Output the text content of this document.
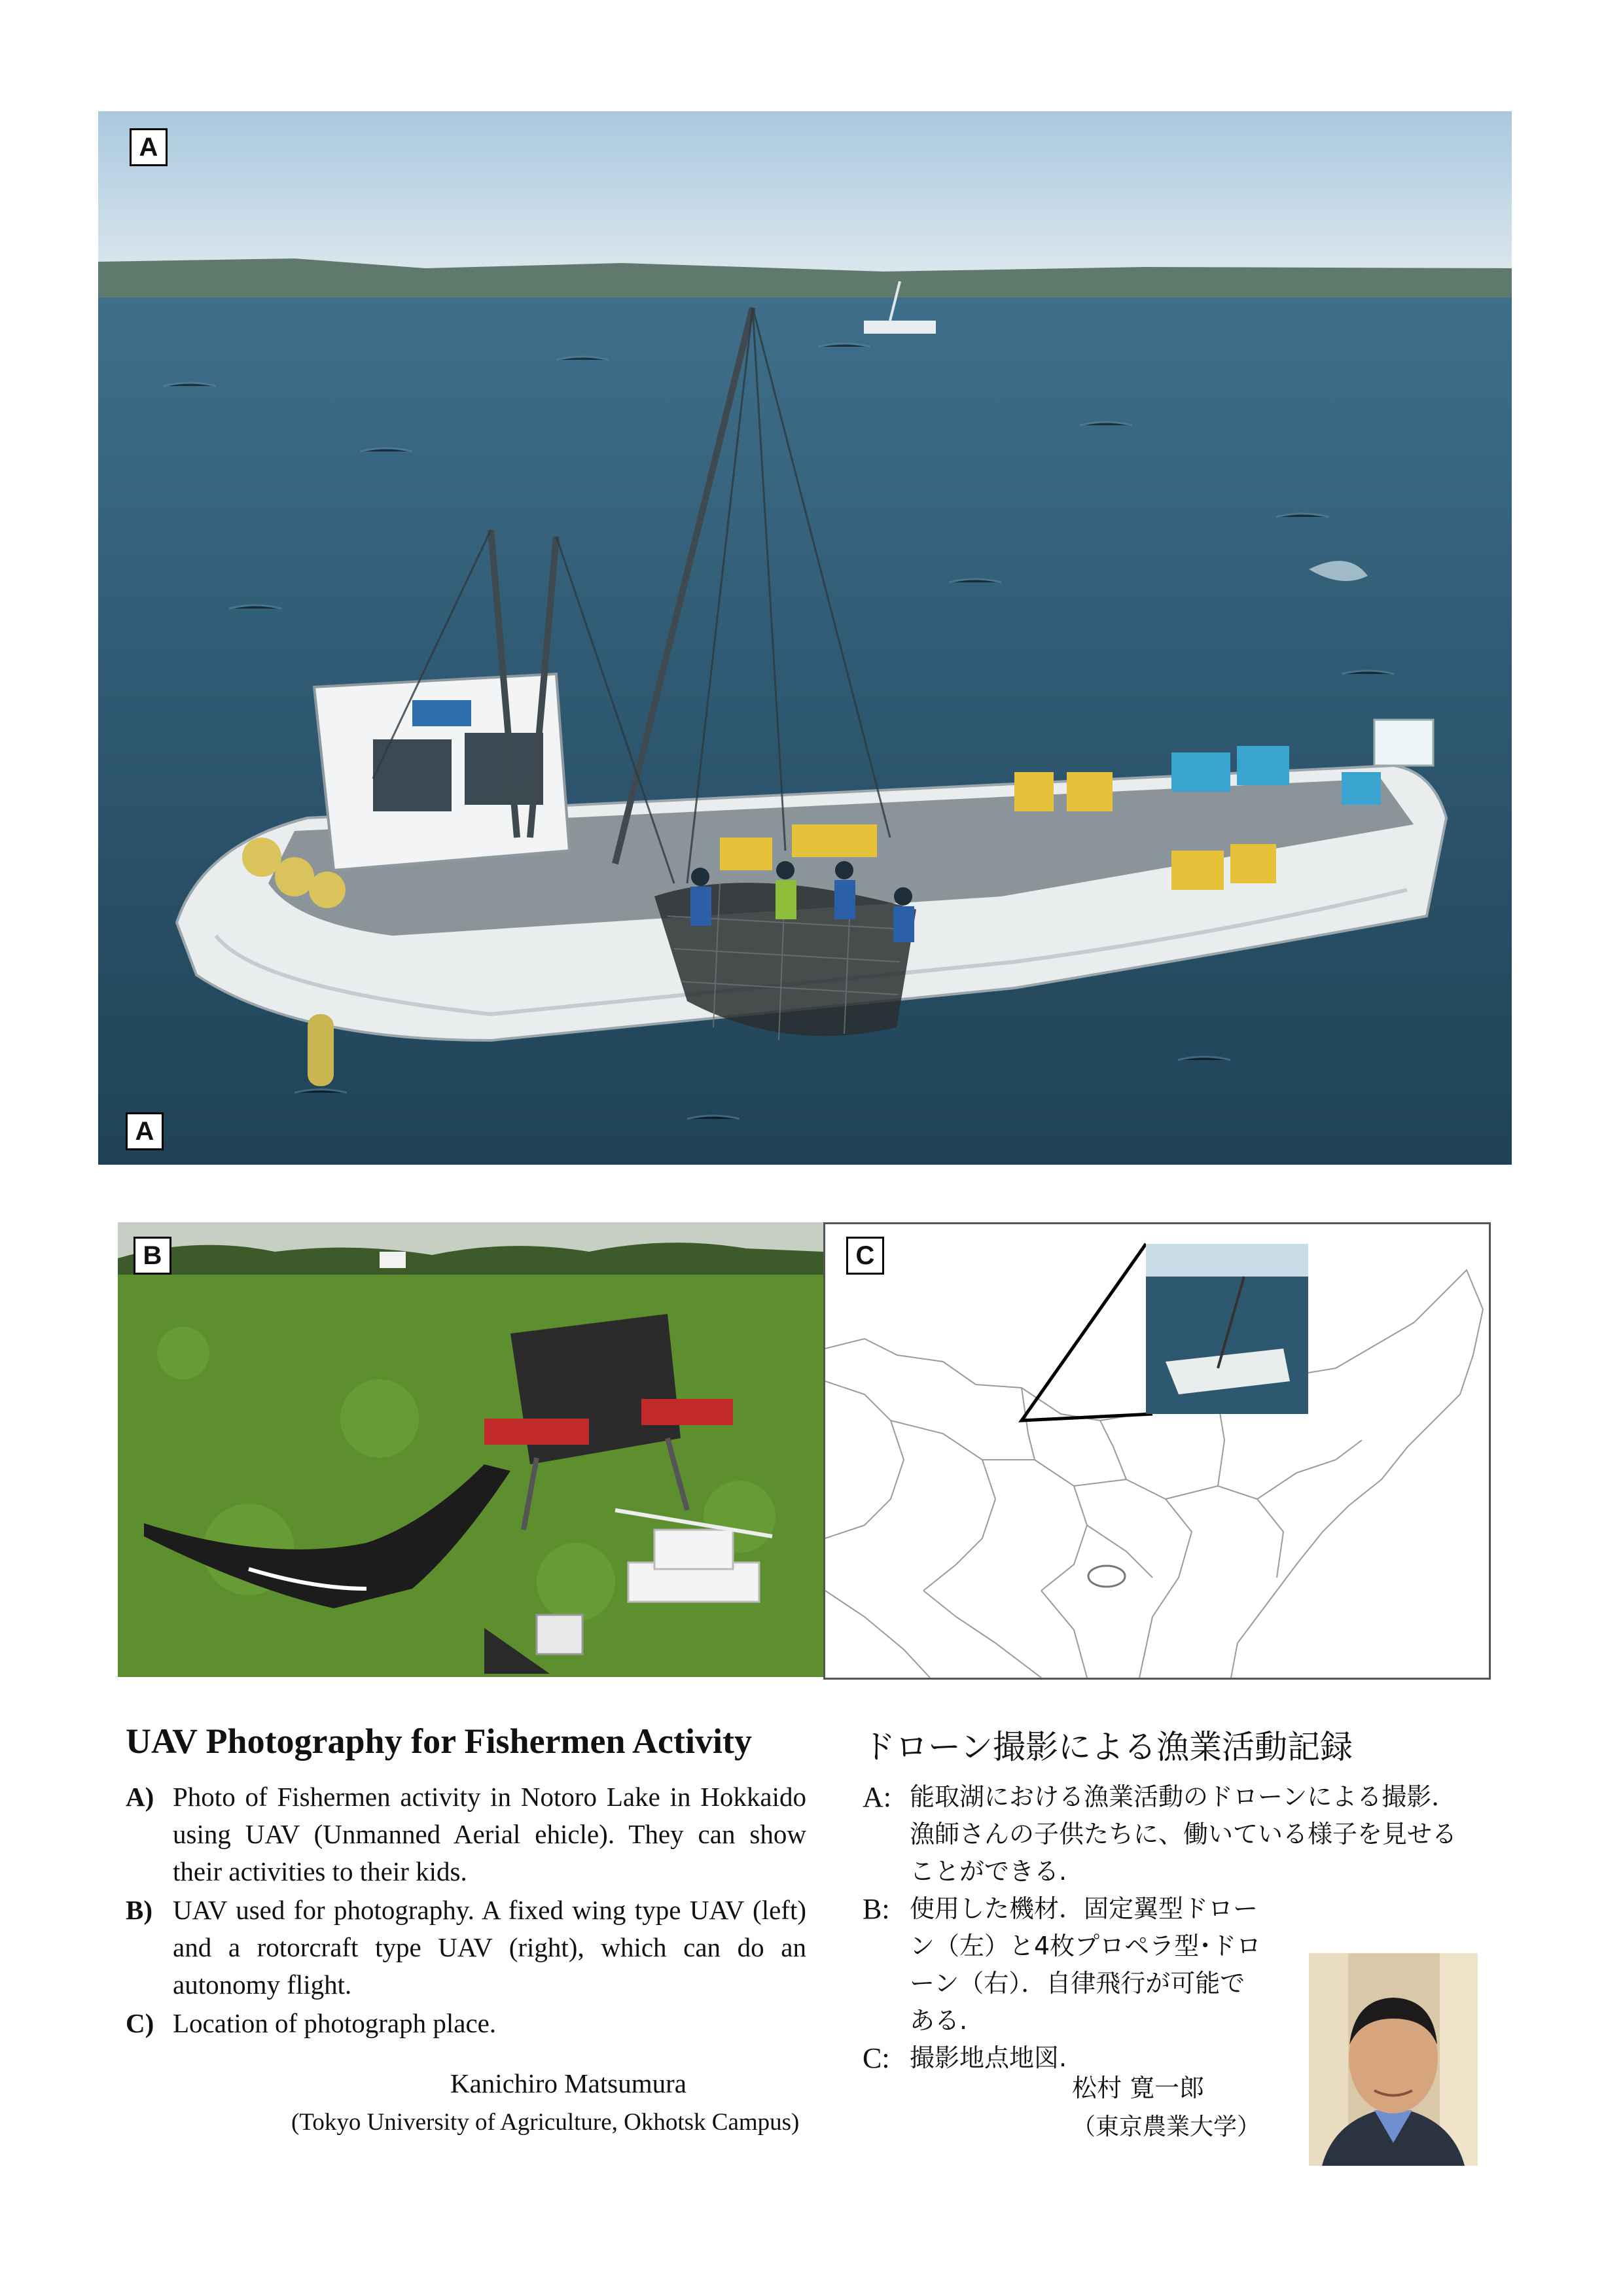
A
A
B	C
UAV Photography for Fishermen Activity
A) Photo of Fishermen activity in Notoro Lake in Hokkaido using UAV (Unmanned Aerial ehicle). They can show their activities to their kids.
B) UAV used for photography. A fixed wing type UAV (left) and a rotorcraft type UAV (right), which can do an autonomy flight.
C) Location of photograph place.
Kanichiro Matsumura
(Tokyo University of Agriculture, Okhotsk Campus)
ドローン撮影による漁業活動記録
A: 能取湖における漁業活動のドローンによる撮影．漁師さんの子供たちに、働いている様子を見せることができる.
B: 使用した機材．固定翼型ドローン（左）と4枚プロペラ型･ドローン（右）．自律飛行が可能である.
C: 撮影地点地図.
松村 寛一郎
（東京農業大学）
